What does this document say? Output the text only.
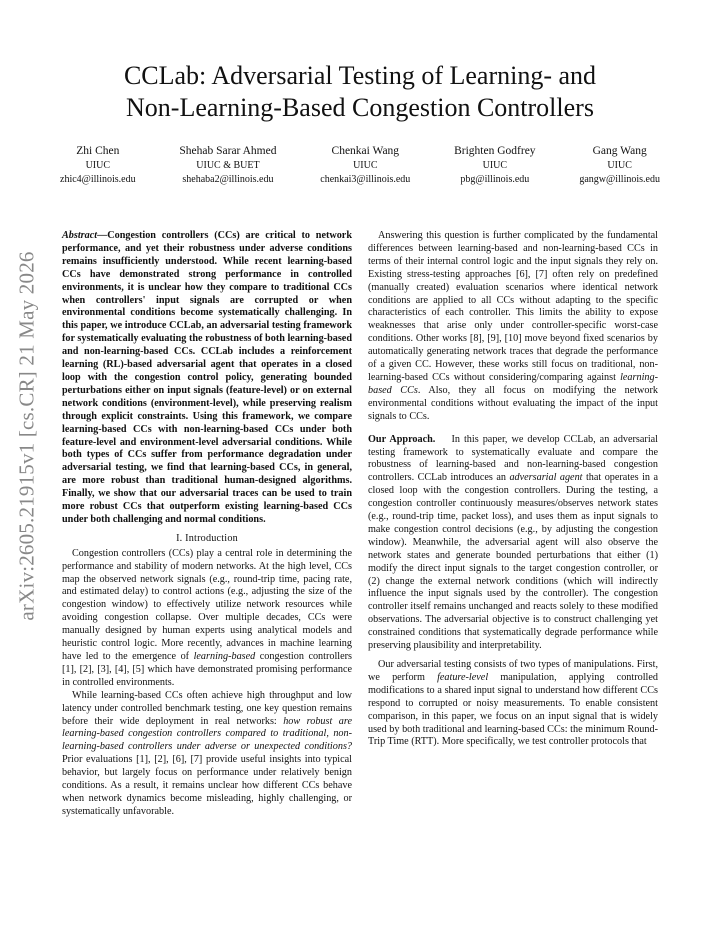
CCLab: Adversarial Testing of Learning- and
Non-Learning-Based Congestion Controllers
Zhi Chen
UIUC
zhic4@illinois.edu
Shehab Sarar Ahmed
UIUC & BUET
shehaba2@illinois.edu
Chenkai Wang
UIUC
chenkai3@illinois.edu
Brighten Godfrey
UIUC
pbg@illinois.edu
Gang Wang
UIUC
gangw@illinois.edu
arXiv:2605.21915v1 [cs.CR] 21 May 2026

Abstract—Congestion controllers (CCs) are critical to network performance, and yet their robustness under adverse conditions remains insufficiently understood. While recent learning-based CCs have demonstrated strong performance in controlled environments, it is unclear how they compare to traditional CCs when controllers' input signals are corrupted or when environmental conditions become systematically challenging. In this paper, we introduce CCLab, an adversarial testing framework for systematically evaluating the robustness of both learning-based and non-learning-based CCs. CCLab includes a reinforcement learning (RL)-based adversarial agent that operates in a closed loop with the congestion control policy, generating bounded perturbations either on input signals (feature-level) or on external network conditions (environment-level), while preserving realism through explicit constraints. Using this framework, we compare learning-based CCs with non-learning-based CCs under both feature-level and environment-level adversarial conditions. While both types of CCs suffer from performance degradation under adversarial testing, we find that learning-based CCs, in general, are more robust than traditional human-designed algorithms. Finally, we show that our adversarial traces can be used to train more robust CCs that outperform existing learning-based CCs under both challenging and normal conditions.

I. Introduction

Congestion controllers (CCs) play a central role in determining the performance and stability of modern networks. At the high level, CCs map the observed network signals (e.g., round-trip time, pacing rate, and estimated delay) to control actions (e.g., adjusting the size of the congestion window) to effectively utilize network resources while avoiding congestion collapse. Over multiple decades, CCs were manually designed by human experts using analytical models and heuristic control logic. More recently, advances in machine learning have led to the emergence of learning-based congestion controllers [1], [2], [3], [4], [5] which have demonstrated promising performance in controlled environments.

While learning-based CCs often achieve high throughput and low latency under controlled benchmark testing, one key question remains before their wide deployment in real networks: how robust are learning-based congestion controllers compared to traditional, non-learning-based controllers under adverse or unexpected conditions? Prior evaluations [1], [2], [6], [7] provide useful insights into typical behavior, but largely focus on performance under relatively benign conditions. As a result, it remains unclear how different CCs behave when network dynamics become misleading, highly challenging, or systematically unfavorable.

Answering this question is further complicated by the fundamental differences between learning-based and non-learning-based CCs in terms of their internal control logic and the input signals they rely on. Existing stress-testing approaches [6], [7] often rely on predefined (manually created) evaluation scenarios where identical network conditions are applied to all CCs without adapting to the specific characteristics of each controller. This limits the ability to expose weaknesses that arise only under controller-specific worst-case conditions. Other works [8], [9], [10] move beyond fixed scenarios by automatically generating network traces that degrade the performance of a given CC. However, these works still focus on traditional, non-learning-based CCs without considering/comparing against learning-based CCs. Also, they all focus on modifying the network environmental conditions without evaluating the impact of the input signals to CCs.

Our Approach. In this paper, we develop CCLab, an adversarial testing framework to systematically evaluate and compare the robustness of learning-based and non-learning-based congestion controllers. CCLab introduces an adversarial agent that operates in a closed loop with the congestion controllers. During the testing, a congestion controller continuously measures/observes network states (e.g., round-trip time, packet loss), and uses them as input signals to make congestion control decisions (e.g., by adjusting the congestion window). Meanwhile, the adversarial agent will also observe the network states and generate bounded perturbations that either (1) modify the direct input signals to the target congestion controller, or (2) change the external network conditions (which will indirectly influence the input signals used by the controller). The congestion controller itself remains unchanged and reacts solely to these modified observations. The adversarial objective is to construct challenging yet constrained conditions that systematically degrade performance while preserving plausibility and interpretability.

Our adversarial testing consists of two types of manipulations. First, we perform feature-level manipulation, applying controlled modifications to a shared input signal to understand how different CCs respond to corrupted or noisy measurements. To enable consistent comparison, in this paper, we focus on an input signal that is widely used by both traditional and learning-based CCs: the minimum Round-Trip Time (RTT). More specifically, we test controller protocols that
